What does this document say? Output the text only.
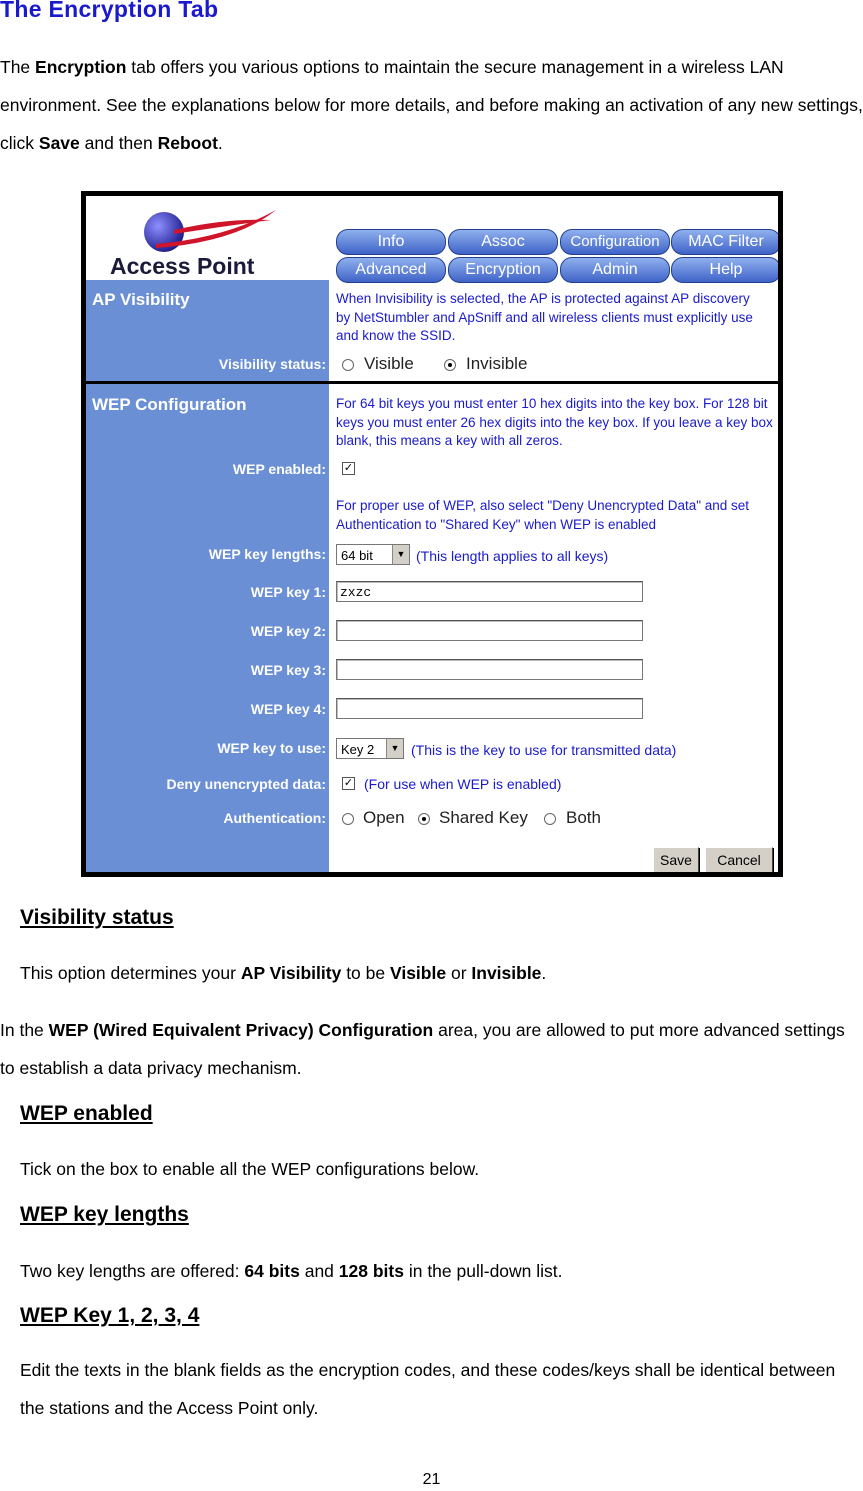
The Encryption Tab
The Encryption tab offers you various options to maintain the secure management in a wireless LAN environment. See the explanations below for more details, and before making an activation of any new settings, click Save and then Reboot.
Access Point
Info	Assoc	Configuration	MAC Filter
Advanced	Encryption	Admin	Help
AP Visibility	When Invisibility is selected, the AP is protected against AP discovery by NetStumbler and ApSniff and all wireless clients must explicitly use and know the SSID.
Visibility status: Visible	Invisible
WEP Configuration	For 64 bit keys you must enter 10 hex digits into the key box. For 128 bit keys you must enter 26 hex digits into the key box. If you leave a key box blank, this means a key with all zeros.
WEP enabled: ✓
For proper use of WEP, also select "Deny Unencrypted Data" and set Authentication to "Shared Key" when WEP is enabled
WEP key lengths:	64 bit	▼ (This length applies to all keys)
WEP key 1:	zxzc
WEP key 2:
WEP key 3:
WEP key 4:
WEP key to use:	Key 2	▼ (This is the key to use for transmitted data)
Deny unencrypted data: ✓ (For use when WEP is enabled)
Authentication: Open Shared Key Both
Save	Cancel
Visibility status
This option determines your AP Visibility to be Visible or Invisible.
In the WEP (Wired Equivalent Privacy) Configuration area, you are allowed to put more advanced settings to establish a data privacy mechanism.
WEP enabled
Tick on the box to enable all the WEP configurations below.
WEP key lengths
Two key lengths are offered: 64 bits and 128 bits in the pull-down list.
WEP Key 1, 2, 3, 4
Edit the texts in the blank fields as the encryption codes, and these codes/keys shall be identical between the stations and the Access Point only.
21
